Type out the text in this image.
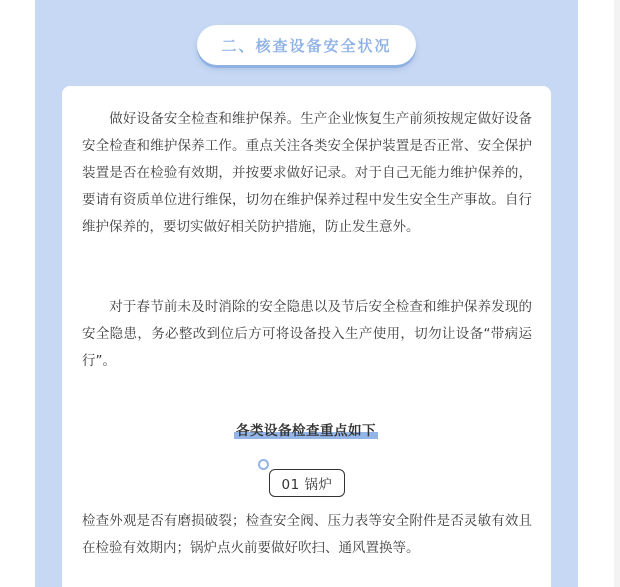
二、核查设备安全状况

　　做好设备安全检查和维护保养。生产企业恢复生产前须按规定做好设备安全检查和维护保养工作。重点关注各类安全保护装置是否正常、安全保护装置是否在检验有效期，并按要求做好记录。对于自己无能力维护保养的，要请有资质单位进行维保，切勿在维护保养过程中发生安全生产事故。自行维护保养的，要切实做好相关防护措施，防止发生意外。

　　对于春节前未及时消除的安全隐患以及节后安全检查和维护保养发现的安全隐患，务必整改到位后方可将设备投入生产使用，切勿让设备“带病运行”。

各类设备检查重点如下
01 锅炉

检查外观是否有磨损破裂；检查安全阀、压力表等安全附件是否灵敏有效且在检验有效期内；锅炉点火前要做好吹扫、通风置换等。
